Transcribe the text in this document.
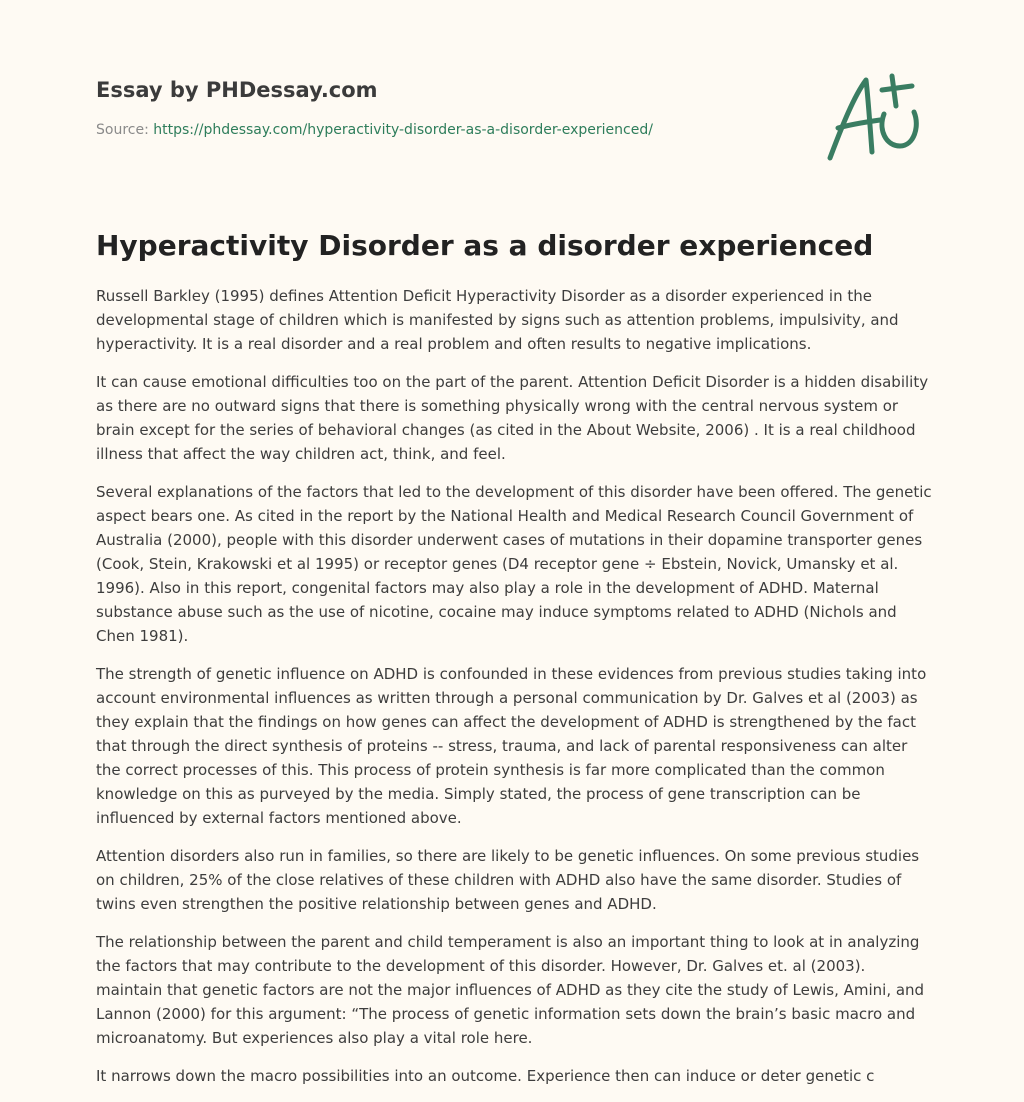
Essay by PHDessay.com
Source: https://phdessay.com/hyperactivity-disorder-as-a-disorder-experienced/
Hyperactivity Disorder as a disorder experienced

Russell Barkley (1995) defines Attention Deficit Hyperactivity Disorder as a disorder experienced in the developmental stage of children which is manifested by signs such as attention problems, impulsivity, and hyperactivity. It is a real disorder and a real problem and often results to negative implications.

It can cause emotional difficulties too on the part of the parent. Attention Deficit Disorder is a hidden disability as there are no outward signs that there is something physically wrong with the central nervous system or brain except for the series of behavioral changes (as cited in the About Website, 2006) . It is a real childhood illness that affect the way children act, think, and feel.

Several explanations of the factors that led to the development of this disorder have been offered. The genetic aspect bears one. As cited in the report by the National Health and Medical Research Council Government of Australia (2000), people with this disorder underwent cases of mutations in their dopamine transporter genes (Cook, Stein, Krakowski et al 1995) or receptor genes (D4 receptor gene ÷ Ebstein, Novick, Umansky et al. 1996). Also in this report, congenital factors may also play a role in the development of ADHD. Maternal substance abuse such as the use of nicotine, cocaine may induce symptoms related to ADHD (Nichols and Chen 1981).

The strength of genetic influence on ADHD is confounded in these evidences from previous studies taking into account environmental influences as written through a personal communication by Dr. Galves et al (2003) as they explain that the findings on how genes can affect the development of ADHD is strengthened by the fact that through the direct synthesis of proteins -- stress, trauma, and lack of parental responsiveness can alter the correct processes of this. This process of protein synthesis is far more complicated than the common knowledge on this as purveyed by the media. Simply stated, the process of gene transcription can be influenced by external factors mentioned above.

Attention disorders also run in families, so there are likely to be genetic influences. On some previous studies on children, 25% of the close relatives of these children with ADHD also have the same disorder. Studies of twins even strengthen the positive relationship between genes and ADHD.

The relationship between the parent and child temperament is also an important thing to look at in analyzing the factors that may contribute to the development of this disorder. However, Dr. Galves et. al (2003). maintain that genetic factors are not the major influences of ADHD as they cite the study of Lewis, Amini, and Lannon (2000) for this argument: “The process of genetic information sets down the brain’s basic macro and microanatomy. But experiences also play a vital role here.

It narrows down the macro possibilities into an outcome. Experience then can induce or deter genetic c
